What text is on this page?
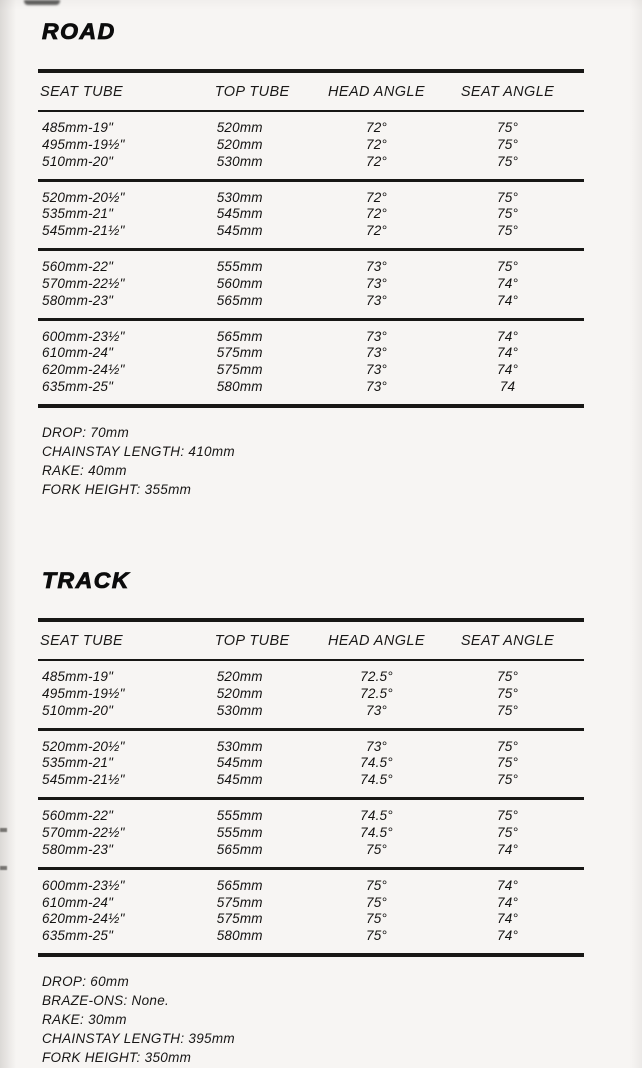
ROAD
SEAT TUBE	TOP TUBE	HEAD ANGLE	SEAT ANGLE
485mm-19"	520mm	72°	75°
495mm-19½"	520mm	72°	75°
510mm-20"	530mm	72°	75°
520mm-20½"	530mm	72°	75°
535mm-21"	545mm	72°	75°
545mm-21½"	545mm	72°	75°
560mm-22"	555mm	73°	75°
570mm-22½"	560mm	73°	74°
580mm-23"	565mm	73°	74°
600mm-23½"	565mm	73°	74°
610mm-24"	575mm	73°	74°
620mm-24½"	575mm	73°	74°
635mm-25"	580mm	73°	74
DROP: 70mm
CHAINSTAY LENGTH: 410mm
RAKE: 40mm
FORK HEIGHT: 355mm
TRACK
SEAT TUBE	TOP TUBE	HEAD ANGLE	SEAT ANGLE
485mm-19"	520mm	72.5°	75°
495mm-19½"	520mm	72.5°	75°
510mm-20"	530mm	73°	75°
520mm-20½"	530mm	73°	75°
535mm-21"	545mm	74.5°	75°
545mm-21½"	545mm	74.5°	75°
560mm-22"	555mm	74.5°	75°
570mm-22½"	555mm	74.5°	75°
580mm-23"	565mm	75°	74°
600mm-23½"	565mm	75°	74°
610mm-24"	575mm	75°	74°
620mm-24½"	575mm	75°	74°
635mm-25"	580mm	75°	74°
DROP: 60mm
BRAZE-ONS: None.
RAKE: 30mm
CHAINSTAY LENGTH: 395mm
FORK HEIGHT: 350mm
